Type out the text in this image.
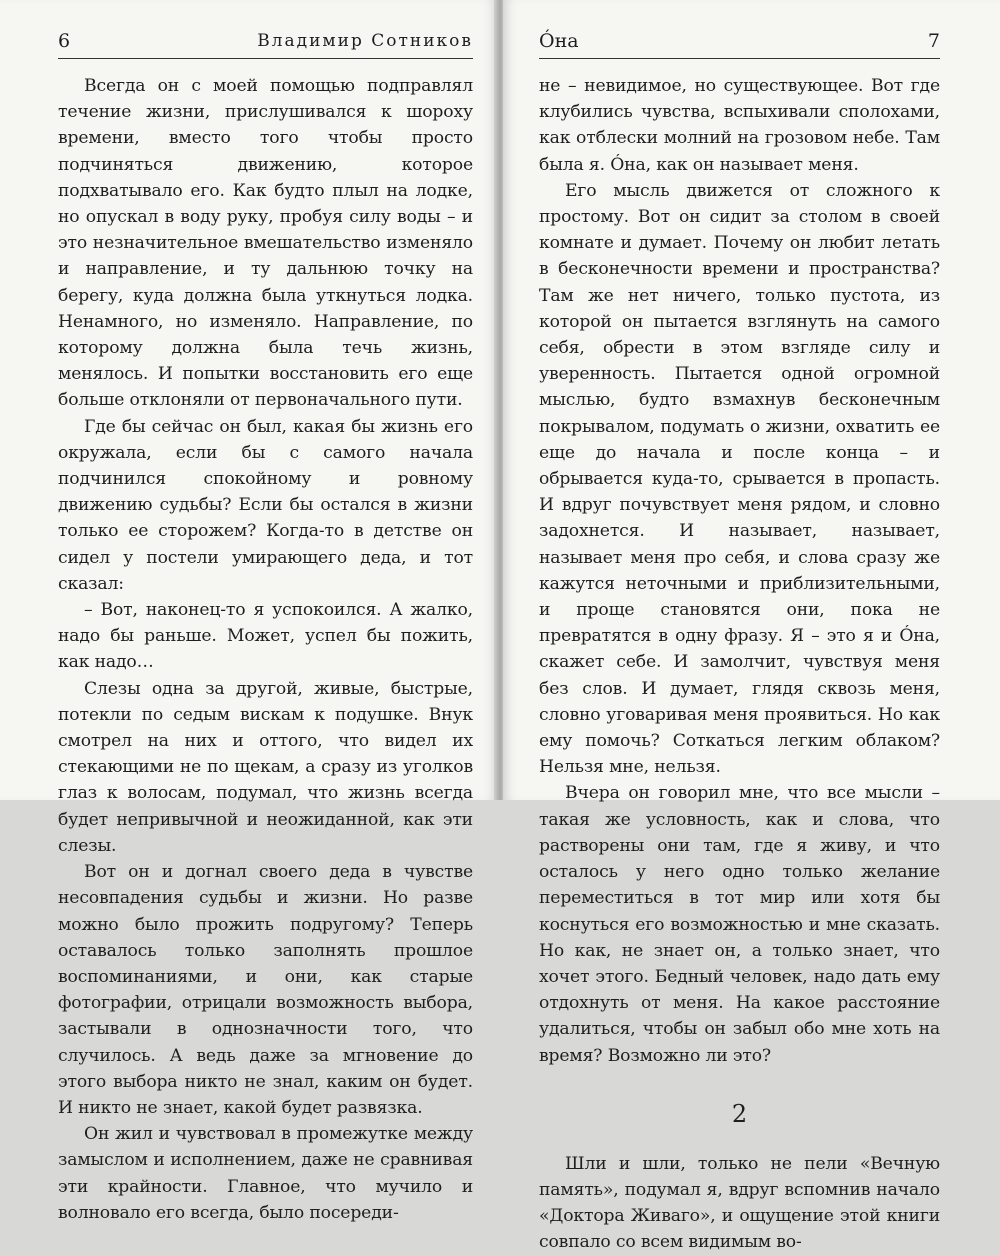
6	Владимир Сотников

Всегда он с моей помощью подправлял течение жизни, прислушивался к шороху времени, вместо того чтобы просто подчиняться движению, которое подхватывало его. Как будто плыл на лодке, но опускал в воду руку, пробуя силу воды – и это незначительное вмешательство изменяло и направление, и ту дальнюю точку на берегу, куда должна была уткнуться лодка. Ненамного, но изменяло. Направление, по которому должна была течь жизнь, менялось. И попытки восстановить его еще больше отклоняли от первоначального пути.

Где бы сейчас он был, какая бы жизнь его окружала, если бы с самого начала подчинился спокойному и ровному движению судьбы? Если бы остался в жизни только ее сторожем? Когда-то в детстве он сидел у постели умирающего деда, и тот сказал:

– Вот, наконец-то я успокоился. А жалко, надо бы раньше. Может, успел бы пожить, как надо…

Слезы одна за другой, живые, быстрые, потекли по седым вискам к подушке. Внук смотрел на них и оттого, что видел их стекающими не по щекам, а сразу из уголков глаз к волосам, подумал, что жизнь всегда будет непривычной и неожиданной, как эти слезы.

Вот он и догнал своего деда в чувстве несовпадения судьбы и жизни. Но разве можно было прожить подругому? Теперь оставалось только заполнять прошлое воспоминаниями, и они, как старые фотографии, отрицали возможность выбора, застывали в однозначности того, что случилось. А ведь даже за мгновение до этого выбора никто не знал, каким он будет. И никто не знает, какой будет развязка.

Он жил и чувствовал в промежутке между замыслом и исполнением, даже не сравнивая эти крайности. Главное, что мучило и волновало его всегда, было посереди-

Óна	7

не – невидимое, но существующее. Вот где клубились чувства, вспыхивали сполохами, как отблески молний на грозовом небе. Там была я. Óна, как он называет меня.

Его мысль движется от сложного к простому. Вот он сидит за столом в своей комнате и думает. Почему он любит летать в бесконечности времени и пространства? Там же нет ничего, только пустота, из которой он пытается взглянуть на самого себя, обрести в этом взгляде силу и уверенность. Пытается одной огромной мыслью, будто взмахнув бесконечным покрывалом, подумать о жизни, охватить ее еще до начала и после конца – и обрывается куда-то, срывается в пропасть. И вдруг почувствует меня рядом, и словно задохнется. И называет, называет, называет меня про себя, и слова сразу же кажутся неточными и приблизительными, и проще становятся они, пока не превратятся в одну фразу. Я – это я и Óна, скажет себе. И замолчит, чувствуя меня без слов. И думает, глядя сквозь меня, словно уговаривая меня проявиться. Но как ему помочь? Соткаться легким облаком? Нельзя мне, нельзя.

Вчера он говорил мне, что все мысли – такая же условность, как и слова, что растворены они там, где я живу, и что осталось у него одно только желание переместиться в тот мир или хотя бы коснуться его возможностью и мне сказать. Но как, не знает он, а только знает, что хочет этого. Бедный человек, надо дать ему отдохнуть от меня. На какое расстояние удалиться, чтобы он забыл обо мне хоть на время? Возможно ли это?

2

Шли и шли, только не пели «Вечную память», подумал я, вдруг вспомнив начало «Доктора Живаго», и ощущение этой книги совпало со всем видимым во-
